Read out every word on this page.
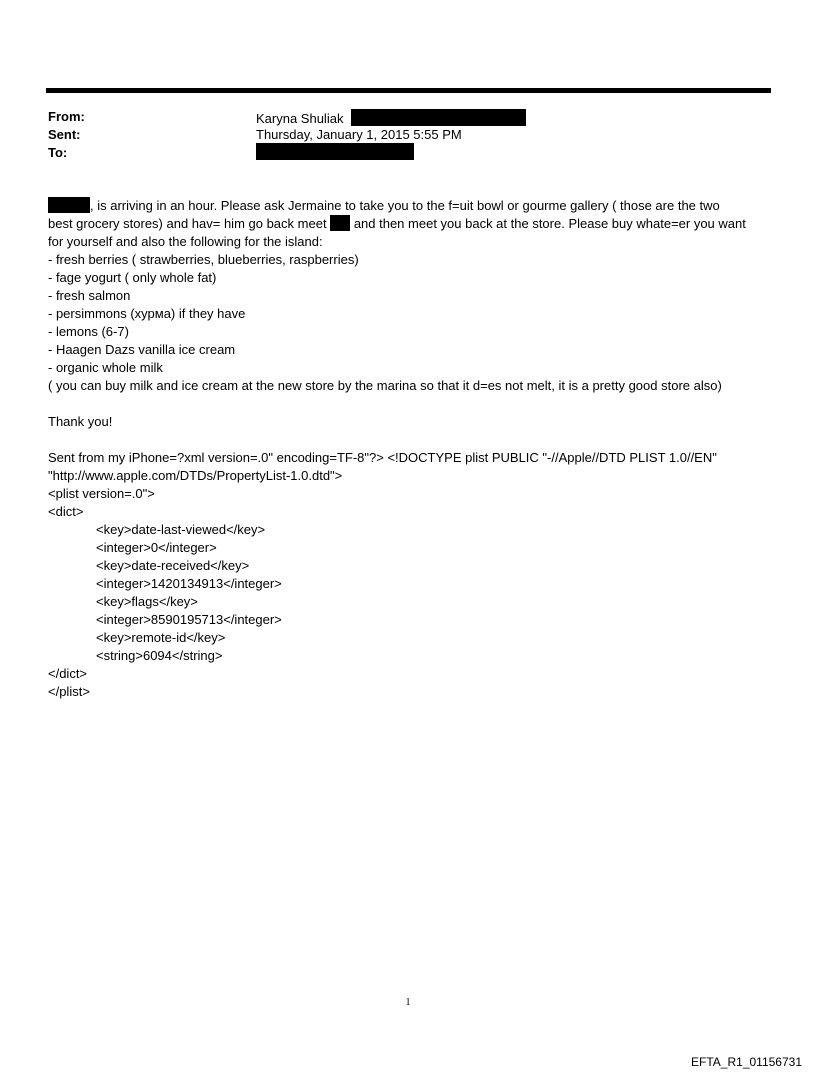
From:	Karyna Shuliak
Sent:	Thursday, January 1, 2015 5:55 PM
To:

, is arriving in an hour. Please ask Jermaine to take you to the f=uit bowl or gourme gallery ( those are the two

best grocery stores) and hav= him go back meet and then meet you back at the store. Please buy whate=er you want

for yourself and also the following for the island:

- fresh berries ( strawberries, blueberries, raspberries)

- fage yogurt ( only whole fat)

- fresh salmon

- persimmons (хурма) if they have

- lemons (6-7)

- Haagen Dazs vanilla ice cream

- organic whole milk

( you can buy milk and ice cream at the new store by the marina so that it d=es not melt, it is a pretty good store also)

Thank you!

Sent from my iPhone=?xml version=.0" encoding=TF-8"?> <!DOCTYPE plist PUBLIC "-//Apple//DTD PLIST 1.0//EN"

"http://www.apple.com/DTDs/PropertyList-1.0.dtd">

<plist version=.0">

<dict>

<key>date-last-viewed</key>

<integer>0</integer>

<key>date-received</key>

<integer>1420134913</integer>

<key>flags</key>

<integer>8590195713</integer>

<key>remote-id</key>

<string>6094</string>

</dict>

</plist>

1
EFTA_R1_01156731
